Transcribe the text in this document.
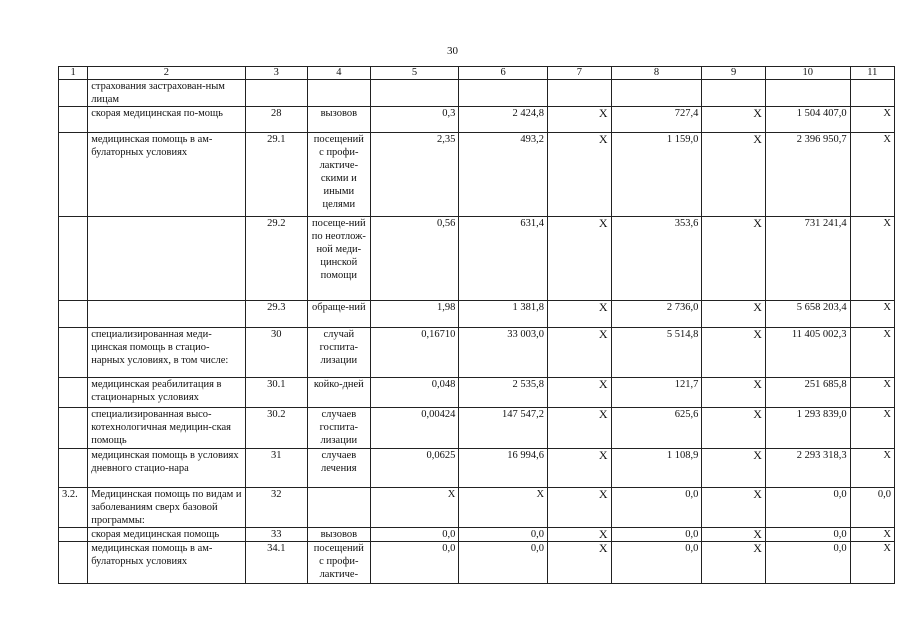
30
1	2	3	4	5	6	7	8	9	10	11
	страхования застрахован-ным лицам									
	скорая медицинская по-мощь	28	вызовов	0,3	2 424,8	Х	727,4	Х	1 504 407,0	Х
	медицинская помощь в ам-булаторных условиях	29.1	посещений с профи-лактиче-скими и иными целями	2,35	493,2	Х	1 159,0	Х	2 396 950,7	Х
		29.2	посеще-ний по неотлож-ной меди-цинской помощи	0,56	631,4	Х	353,6	Х	731 241,4	Х
		29.3	обраще-ний	1,98	1 381,8	Х	2 736,0	Х	5 658 203,4	Х
	специализированная меди-цинская помощь в стацио-нарных условиях, в том числе:	30	случай госпита-лизации	0,16710	33 003,0	Х	5 514,8	Х	11 405 002,3	Х
	медицинская реабилитация в стационарных условиях	30.1	койко-дней	0,048	2 535,8	Х	121,7	Х	251 685,8	Х
	специализированная высо-котехнологичная медицин-ская помощь	30.2	случаев госпита-лизации	0,00424	147 547,2	Х	625,6	Х	1 293 839,0	Х
	медицинская помощь в условиях дневного стацио-нара	31	случаев лечения	0,0625	16 994,6	Х	1 108,9	Х	2 293 318,3	Х
3.2.	Медицинская помощь по видам и заболеваниям сверх базовой программы:	32		Х	Х	Х	0,0	Х	0,0	0,0
	скорая медицинская помощь	33	вызовов	0,0	0,0	Х	0,0	Х	0,0	Х
	медицинская помощь в ам-булаторных условиях	34.1	посещений с профи-лактиче-	0,0	0,0	Х	0,0	Х	0,0	Х
